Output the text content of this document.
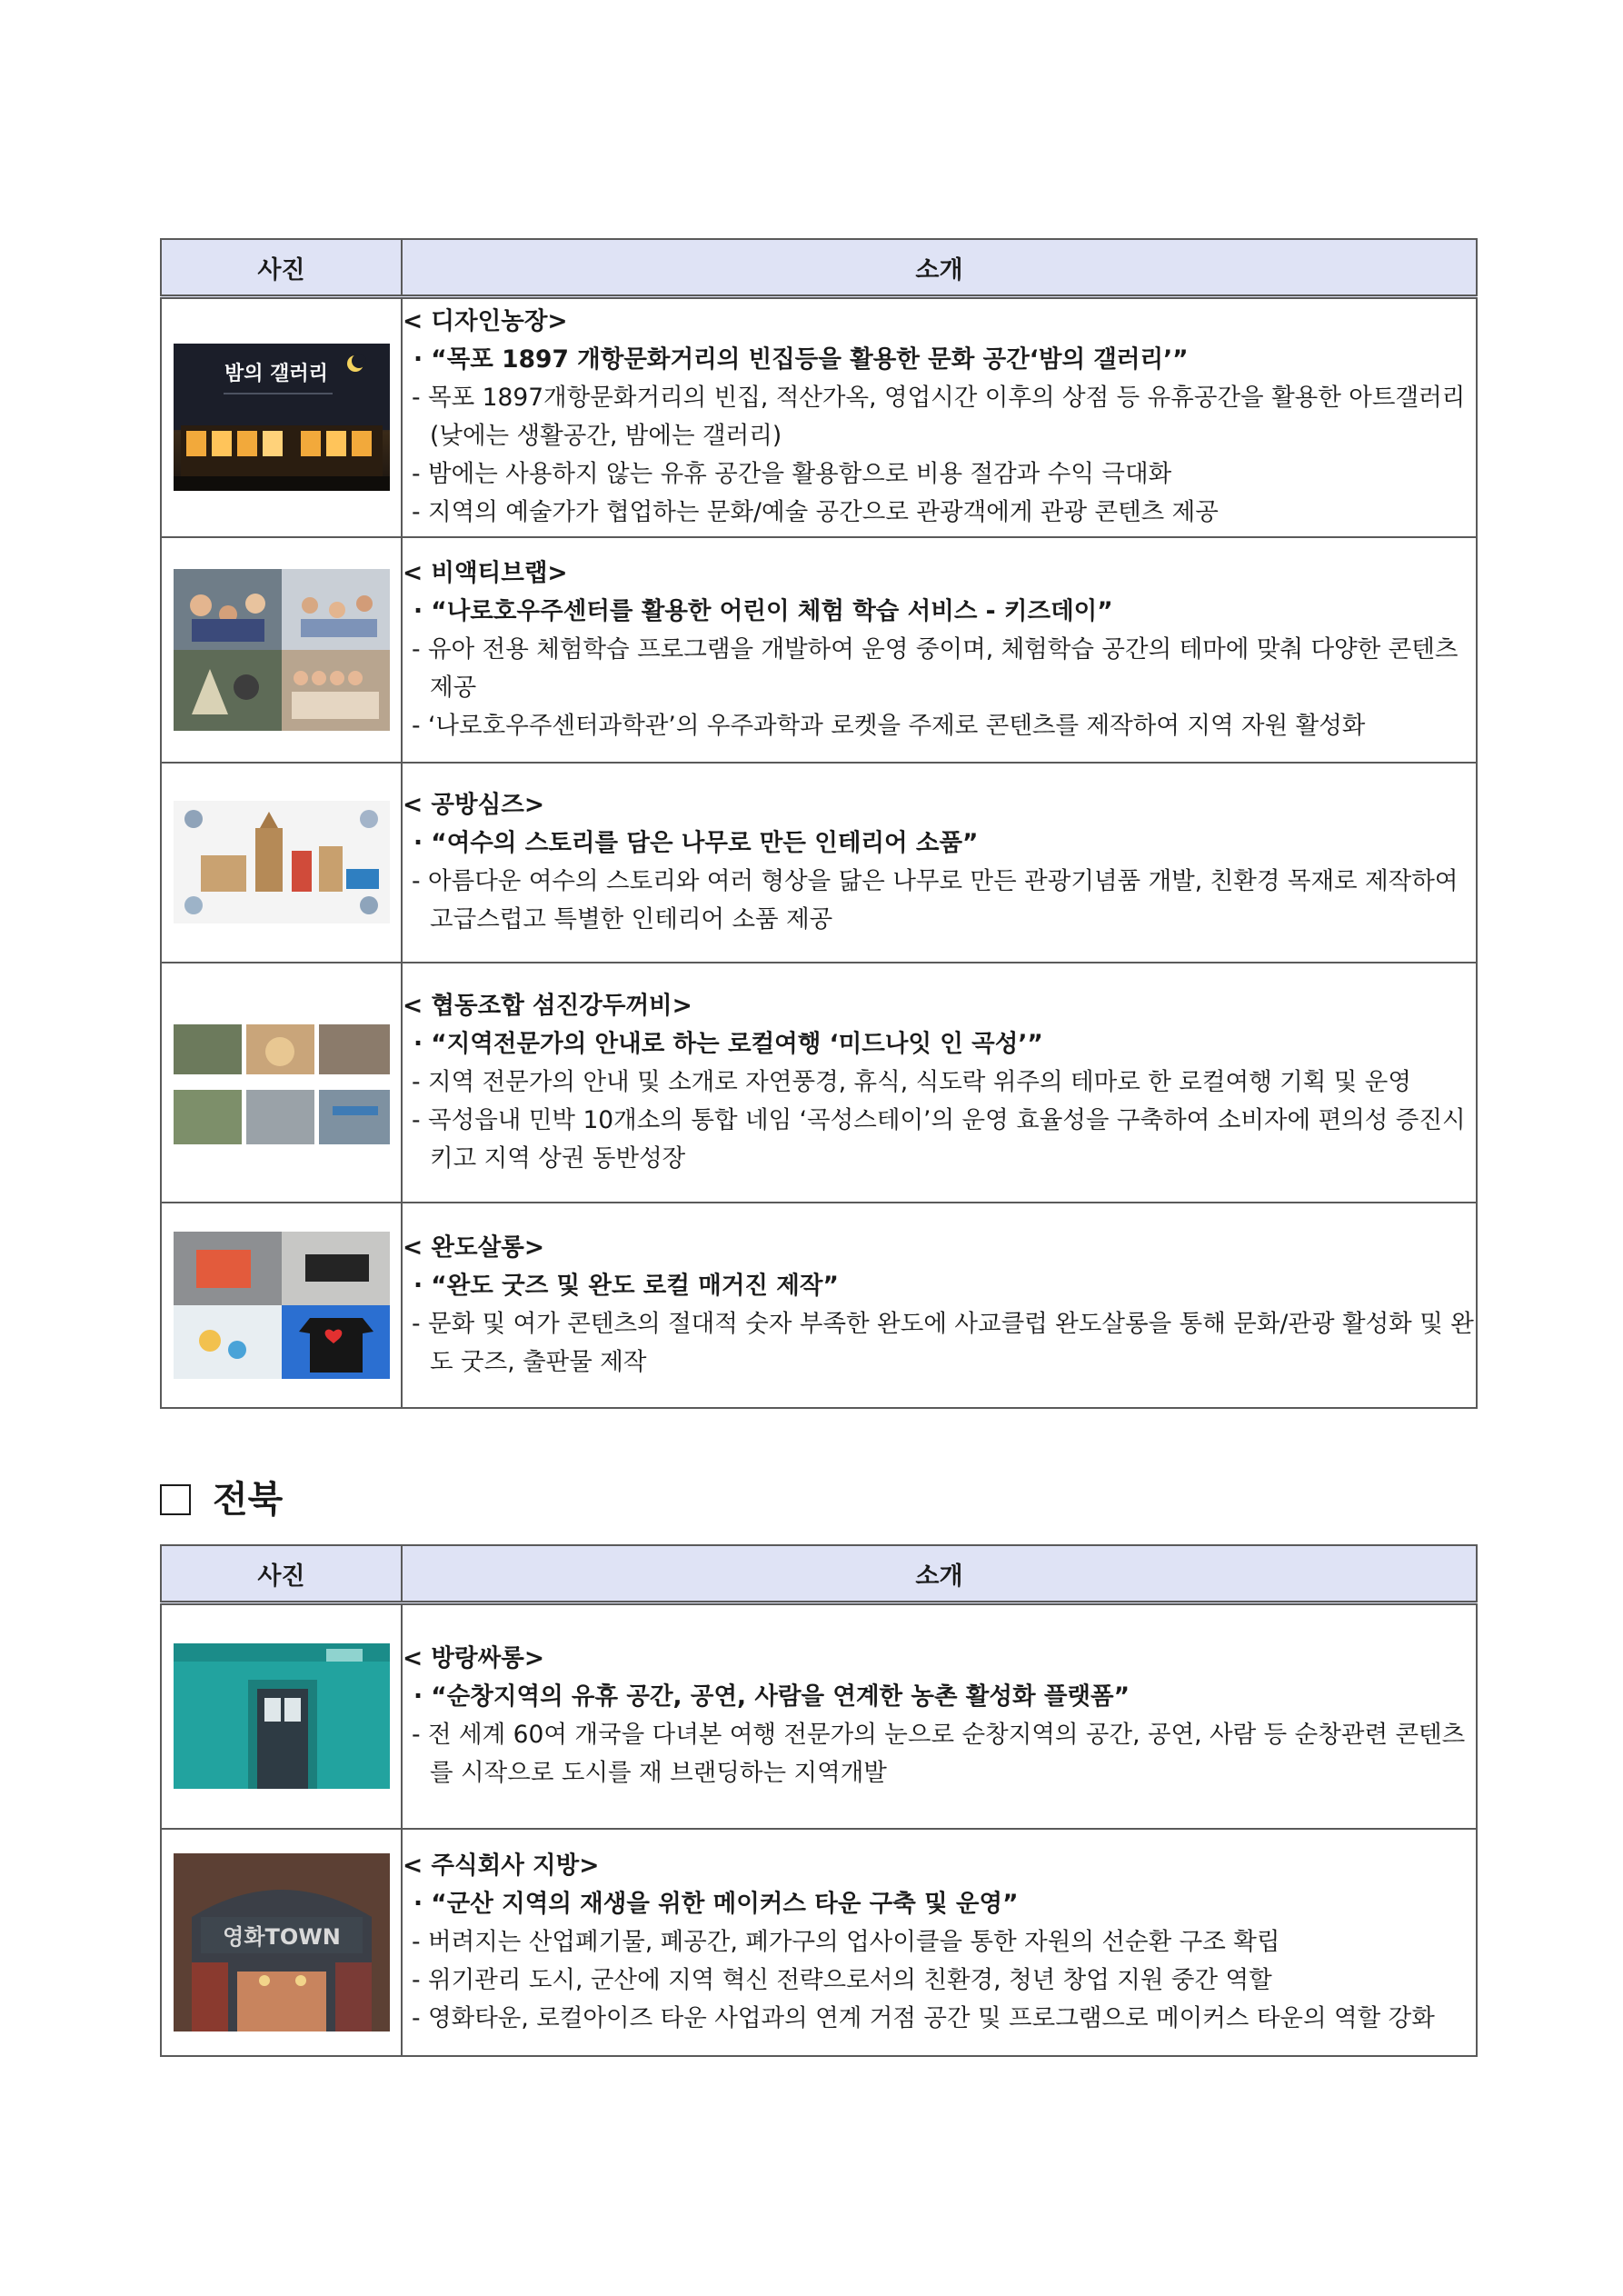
사진	소개

밤의 갤러리	< 디자인농장>
· “목포 1897 개항문화거리의 빈집등을 활용한 문화 공간‘밤의 갤러리’”
- 목포 1897개항문화거리의 빈집, 적산가옥, 영업시간 이후의 상점 등 유휴공간을 활용한 아트갤러리(낮에는 생활공간, 밤에는 갤러리)
- 밤에는 사용하지 않는 유휴 공간을 활용함으로 비용 절감과 수익 극대화
- 지역의 예술가가 협업하는 문화/예술 공간으로 관광객에게 관광 콘텐츠 제공

< 비액티브랩>
· “나로호우주센터를 활용한 어린이 체험 학습 서비스 - 키즈데이”
- 유아 전용 체험학습 프로그램을 개발하여 운영 중이며, 체험학습 공간의 테마에 맞춰 다양한 콘텐츠 제공
- ‘나로호우주센터과학관’의 우주과학과 로켓을 주제로 콘텐츠를 제작하여 지역 자원 활성화

< 공방심즈>
· “여수의 스토리를 담은 나무로 만든 인테리어 소품”
- 아름다운 여수의 스토리와 여러 형상을 닮은 나무로 만든 관광기념품 개발, 친환경 목재로 제작하여 고급스럽고 특별한 인테리어 소품 제공

< 협동조합 섬진강두꺼비>
· “지역전문가의 안내로 하는 로컬여행 ‘미드나잇 인 곡성’”
- 지역 전문가의 안내 및 소개로 자연풍경, 휴식, 식도락 위주의 테마로 한 로컬여행 기획 및 운영
- 곡성읍내 민박 10개소의 통합 네임 ‘곡성스테이’의 운영 효율성을 구축하여 소비자에 편의성 증진시키고 지역 상권 동반성장

< 완도살롱>
· “완도 굿즈 및 완도 로컬 매거진 제작”
- 문화 및 여가 콘텐츠의 절대적 숫자 부족한 완도에 사교클럽 완도살롱을 통해 문화/관광 활성화 및 완도 굿즈, 출판물 제작
전북
사진	소개

< 방랑싸롱>
· “순창지역의 유휴 공간, 공연, 사람을 연계한 농촌 활성화 플랫폼”
- 전 세계 60여 개국을 다녀본 여행 전문가의 눈으로 순창지역의 공간, 공연, 사람 등 순창관련 콘텐츠를 시작으로 도시를 재 브랜딩하는 지역개발

영화TOWN	< 주식회사 지방>
· “군산 지역의 재생을 위한 메이커스 타운 구축 및 운영”
- 버려지는 산업폐기물, 폐공간, 폐가구의 업사이클을 통한 자원의 선순환 구조 확립
- 위기관리 도시, 군산에 지역 혁신 전략으로서의 친환경, 청년 창업 지원 중간 역할
- 영화타운, 로컬아이즈 타운 사업과의 연계 거점 공간 및 프로그램으로 메이커스 타운의 역할 강화
